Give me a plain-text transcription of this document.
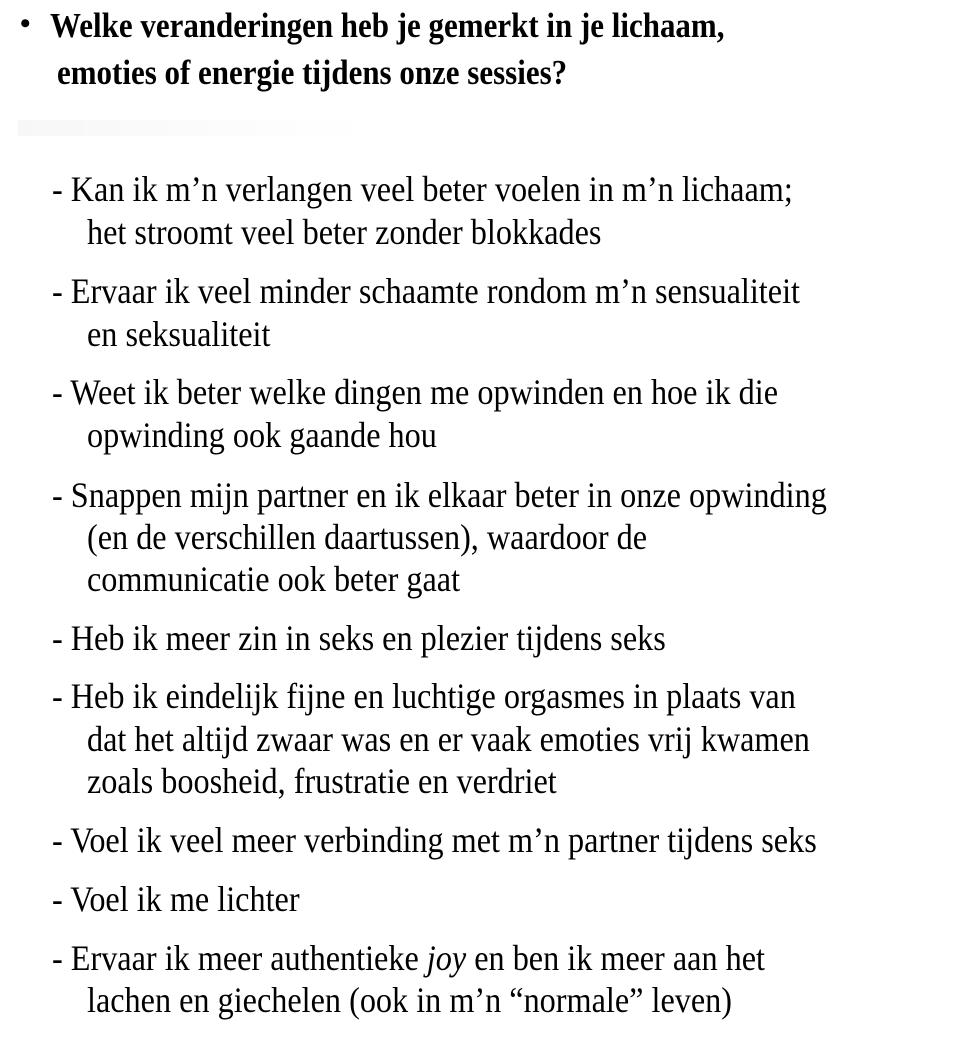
• Welke veranderingen heb je gemerkt in je lichaam,
emoties of energie tijdens onze sessies?
- Kan ik m’n verlangen veel beter voelen in m’n lichaam;
het stroomt veel beter zonder blokkades
- Ervaar ik veel minder schaamte rondom m’n sensualiteit
en seksualiteit
- Weet ik beter welke dingen me opwinden en hoe ik die
opwinding ook gaande hou
- Snappen mijn partner en ik elkaar beter in onze opwinding
(en de verschillen daartussen), waardoor de
communicatie ook beter gaat
- Heb ik meer zin in seks en plezier tijdens seks
- Heb ik eindelijk fijne en luchtige orgasmes in plaats van
dat het altijd zwaar was en er vaak emoties vrij kwamen
zoals boosheid, frustratie en verdriet
- Voel ik veel meer verbinding met m’n partner tijdens seks
- Voel ik me lichter
- Ervaar ik meer authentieke joy en ben ik meer aan het
lachen en giechelen (ook in m’n “normale” leven)
